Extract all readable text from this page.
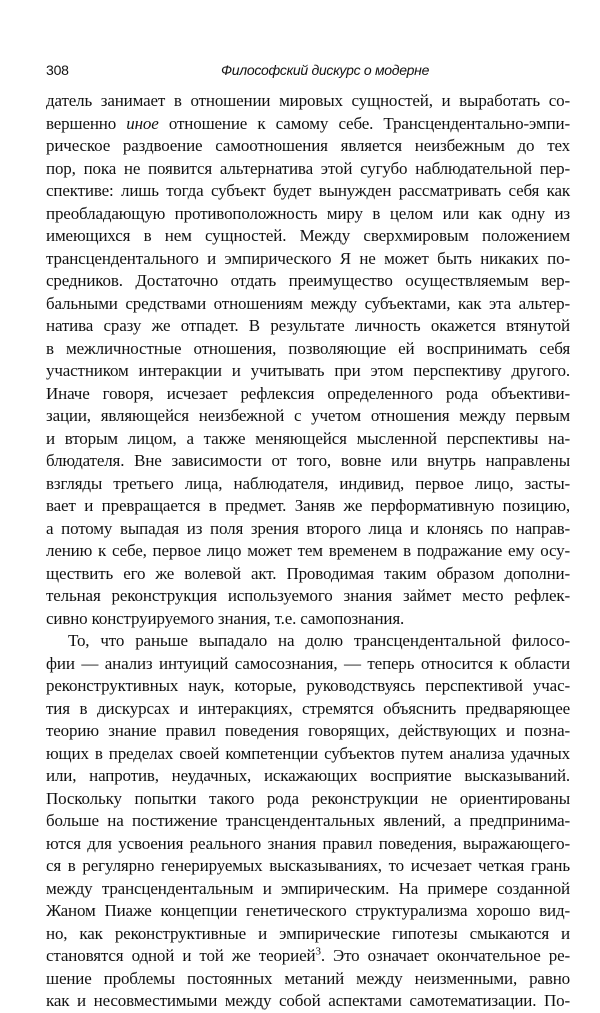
308	Философский дискурс о модерне

датель занимает в отношении мировых сущностей, и выработать со-
вершенно иное отношение к самому себе. Трансцендентально-эмпи-
рическое раздвоение самоотношения является неизбежным до тех
пор, пока не появится альтернатива этой сугубо наблюдательной пер-
спективе: лишь тогда субъект будет вынужден рассматривать себя как
преобладающую противоположность миру в целом или как одну из
имеющихся в нем сущностей. Между сверхмировым положением
трансцендентального и эмпирического Я не может быть никаких по-
средников. Достаточно отдать преимущество осуществляемым вер-
бальными средствами отношениям между субъектами, как эта альтер-
натива сразу же отпадет. В результате личность окажется втянутой
в межличностные отношения, позволяющие ей воспринимать себя
участником интеракции и учитывать при этом перспективу другого.
Иначе говоря, исчезает рефлексия определенного рода объективи-
зации, являющейся неизбежной с учетом отношения между первым
и вторым лицом, а также меняющейся мысленной перспективы на-
блюдателя. Вне зависимости от того, вовне или внутрь направлены
взгляды третьего лица, наблюдателя, индивид, первое лицо, засты-
вает и превращается в предмет. Заняв же перформативную позицию,
а потому выпадая из поля зрения второго лица и клонясь по направ-
лению к себе, первое лицо может тем временем в подражание ему осу-
ществить его же волевой акт. Проводимая таким образом дополни-
тельная реконструкция используемого знания займет место рефлек-
сивно конструируемого знания, т.е. самопознания.

То, что раньше выпадало на долю трансцендентальной филосо-
фии — анализ интуиций самосознания, — теперь относится к области
реконструктивных наук, которые, руководствуясь перспективой учас-
тия в дискурсах и интеракциях, стремятся объяснить предваряющее
теорию знание правил поведения говорящих, действующих и позна-
ющих в пределах своей компетенции субъектов путем анализа удачных
или, напротив, неудачных, искажающих восприятие высказываний.
Поскольку попытки такого рода реконструкции не ориентированы
больше на постижение трансцендентальных явлений, а предпринима-
ются для усвоения реального знания правил поведения, выражающего-
ся в регулярно генерируемых высказываниях, то исчезает четкая грань
между трансцендентальным и эмпирическим. На примере созданной
Жаном Пиаже концепции генетического структурализма хорошо вид-
но, как реконструктивные и эмпирические гипотезы смыкаются и
становятся одной и той же теорией$^3$. Это означает окончательное ре-
шение проблемы постоянных метаний между неизменными, равно
как и несовместимыми между собой аспектами самотематизации. По-
